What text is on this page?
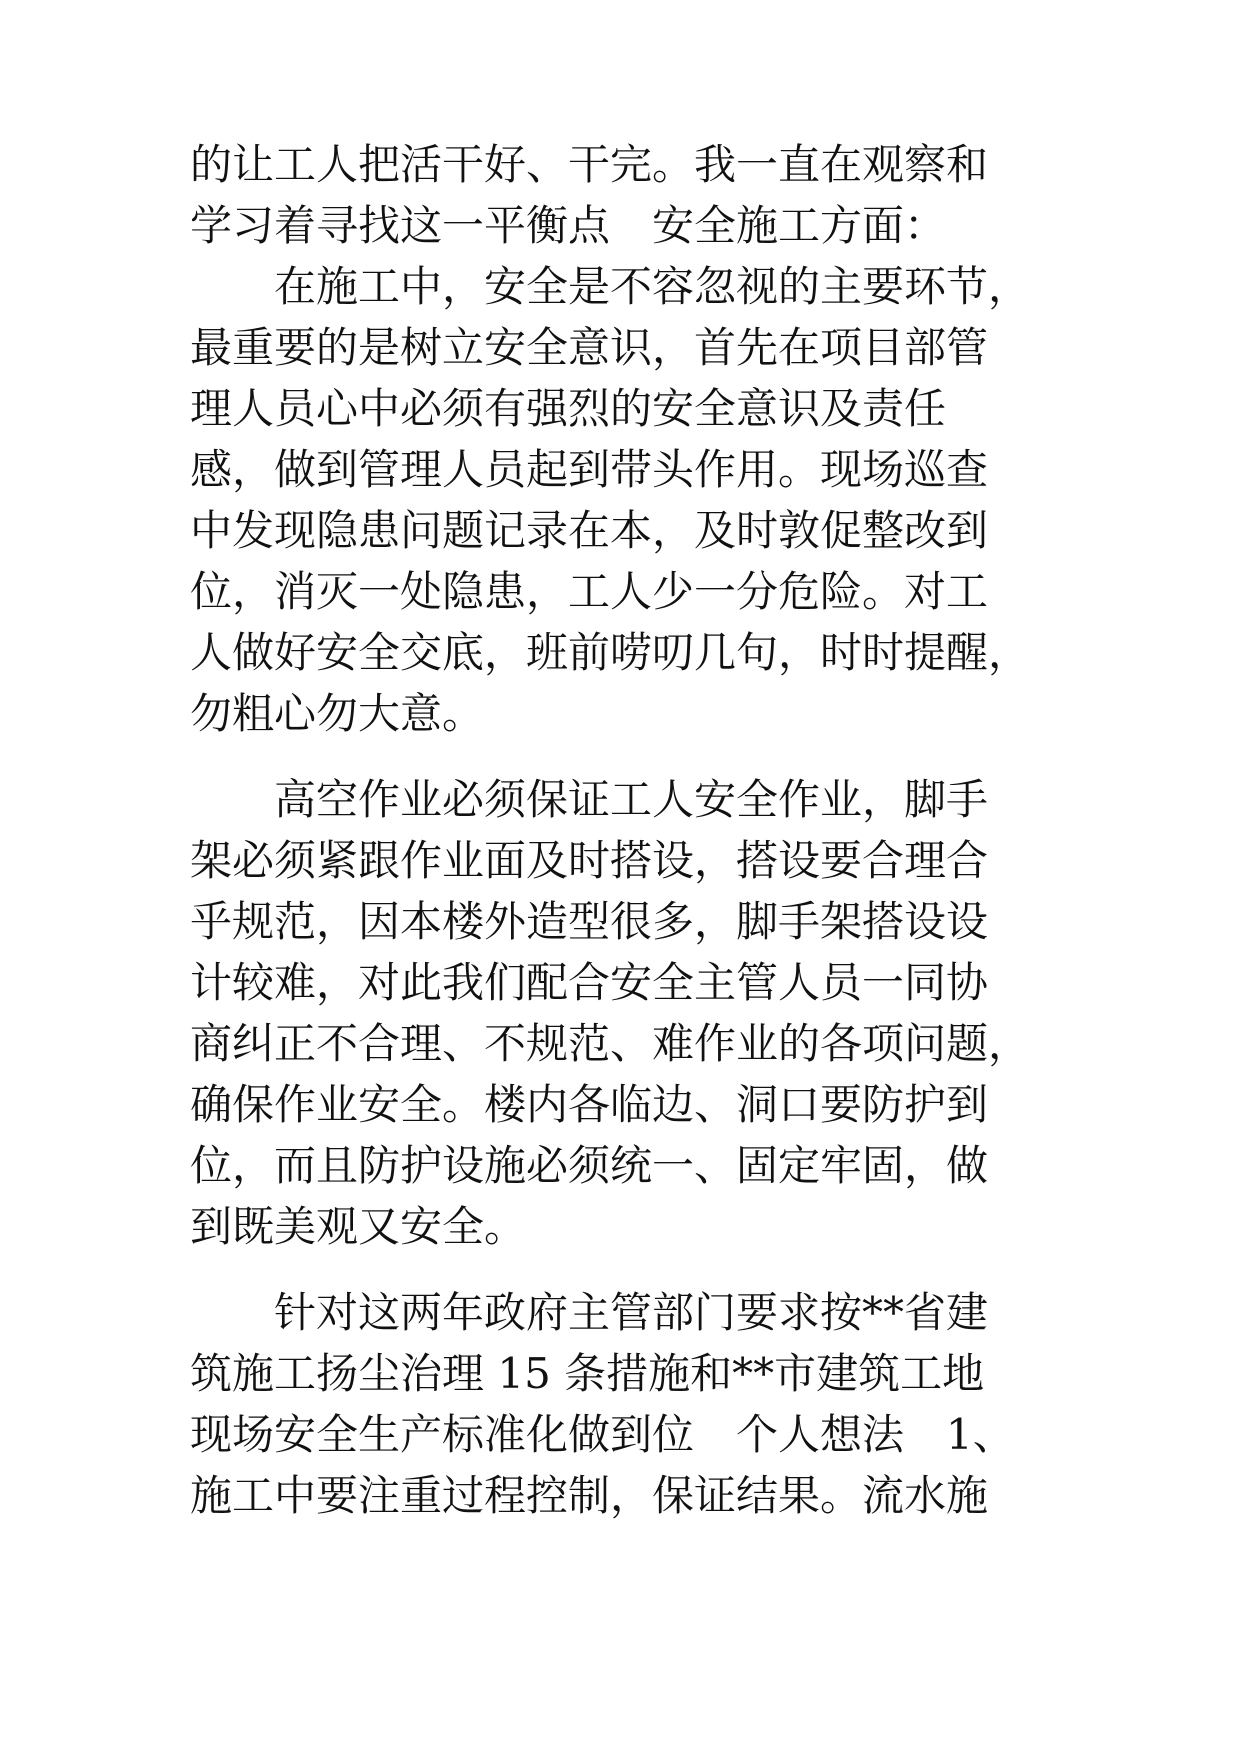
的让工人把活干好、干完。我一直在观察和
学习着寻找这一平衡点　安全施工方面：
　　在施工中，安全是不容忽视的主要环节，
最重要的是树立安全意识，首先在项目部管
理人员心中必须有强烈的安全意识及责任
感，做到管理人员起到带头作用。现场巡查
中发现隐患问题记录在本，及时敦促整改到
位，消灭一处隐患，工人少一分危险。对工
人做好安全交底，班前唠叨几句，时时提醒，
勿粗心勿大意。
　　高空作业必须保证工人安全作业，脚手
架必须紧跟作业面及时搭设，搭设要合理合
乎规范，因本楼外造型很多，脚手架搭设设
计较难，对此我们配合安全主管人员一同协
商纠正不合理、不规范、难作业的各项问题，
确保作业安全。楼内各临边、洞口要防护到
位，而且防护设施必须统一、固定牢固，做
到既美观又安全。
　　针对这两年政府主管部门要求按**省建
筑施工扬尘治理 15 条措施和**市建筑工地
现场安全生产标准化做到位　个人想法　1、
施工中要注重过程控制，保证结果。流水施
